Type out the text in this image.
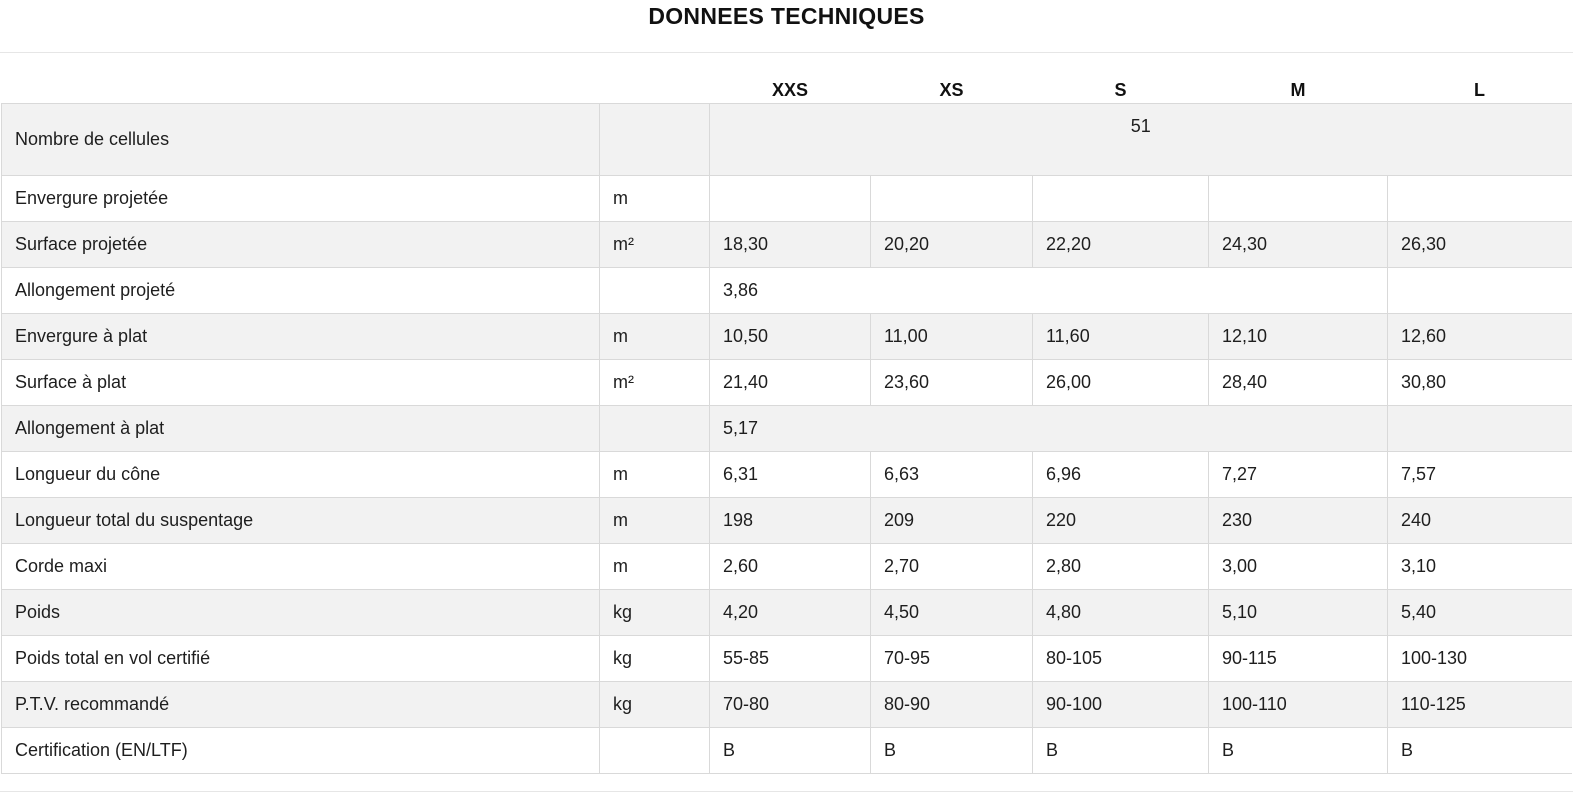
DONNEES TECHNIQUES
		XXS	XS	S	M	L
Nombre de cellules		51				
Envergure projetée	m					
Surface projetée	m²	18,30	20,20	22,20	24,30	26,30
Allongement projeté		3,86				
Envergure à plat	m	10,50	11,00	11,60	12,10	12,60
Surface à plat	m²	21,40	23,60	26,00	28,40	30,80
Allongement à plat		5,17				
Longueur du cône	m	6,31	6,63	6,96	7,27	7,57
Longueur total du suspentage	m	198	209	220	230	240
Corde maxi	m	2,60	2,70	2,80	3,00	3,10
Poids	kg	4,20	4,50	4,80	5,10	5,40
Poids total en vol certifié	kg	55-85	70-95	80-105	90-115	100-130
P.T.V. recommandé	kg	70-80	80-90	90-100	100-110	110-125
Certification (EN/LTF)		B	B	B	B	B
